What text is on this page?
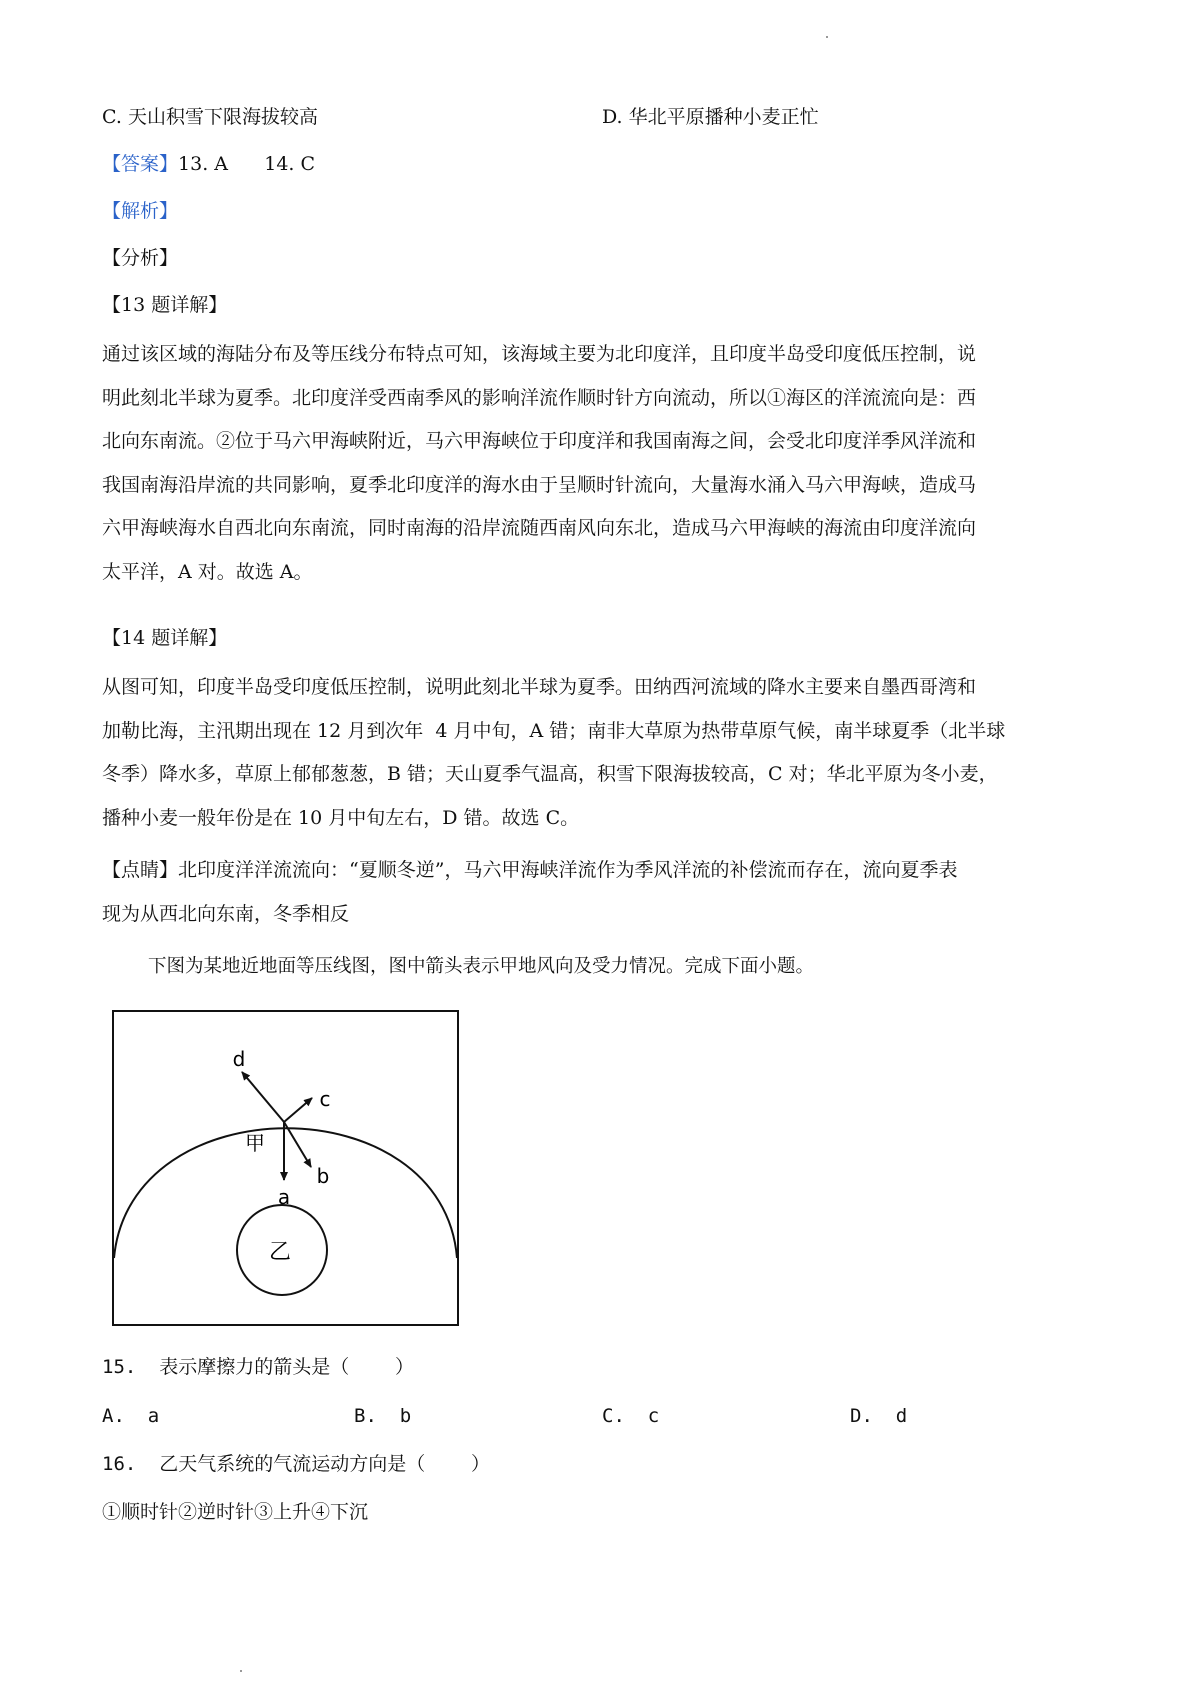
C. 天山积雪下限海拔较高	D. 华北平原播种小麦正忙
【答案】13. A      14. C
【解析】
【分析】
【13 题详解】
通过该区域的海陆分布及等压线分布特点可知，该海域主要为北印度洋，且印度半岛受印度低压控制，说
明此刻北半球为夏季。北印度洋受西南季风的影响洋流作顺时针方向流动，所以①海区的洋流流向是：西
北向东南流。②位于马六甲海峡附近，马六甲海峡位于印度洋和我国南海之间，会受北印度洋季风洋流和
我国南海沿岸流的共同影响，夏季北印度洋的海水由于呈顺时针流向，大量海水涌入马六甲海峡，造成马
六甲海峡海水自西北向东南流，同时南海的沿岸流随西南风向东北，造成马六甲海峡的海流由印度洋流向
太平洋，A 对。故选 A。
【14 题详解】
从图可知，印度半岛受印度低压控制，说明此刻北半球为夏季。田纳西河流域的降水主要来自墨西哥湾和
加勒比海，主汛期出现在 12 月到次年  4 月中旬，A 错；南非大草原为热带草原气候，南半球夏季（北半球
冬季）降水多，草原上郁郁葱葱，B 错；天山夏季气温高，积雪下限海拔较高，C 对；华北平原为冬小麦，
播种小麦一般年份是在 10 月中旬左右，D 错。故选 C。
【点睛】北印度洋洋流流向：“夏顺冬逆”，马六甲海峡洋流作为季风洋流的补偿流而存在，流向夏季表
现为从西北向东南，冬季相反
下图为某地近地面等压线图，图中箭头表示甲地风向及受力情况。完成下面小题。
d
c
b
a
甲
乙
15.  表示摩擦力的箭头是（    ）
A.  a	B.  b	C.  c	D.  d
16.  乙天气系统的气流运动方向是（    ）
①顺时针②逆时针③上升④下沉
